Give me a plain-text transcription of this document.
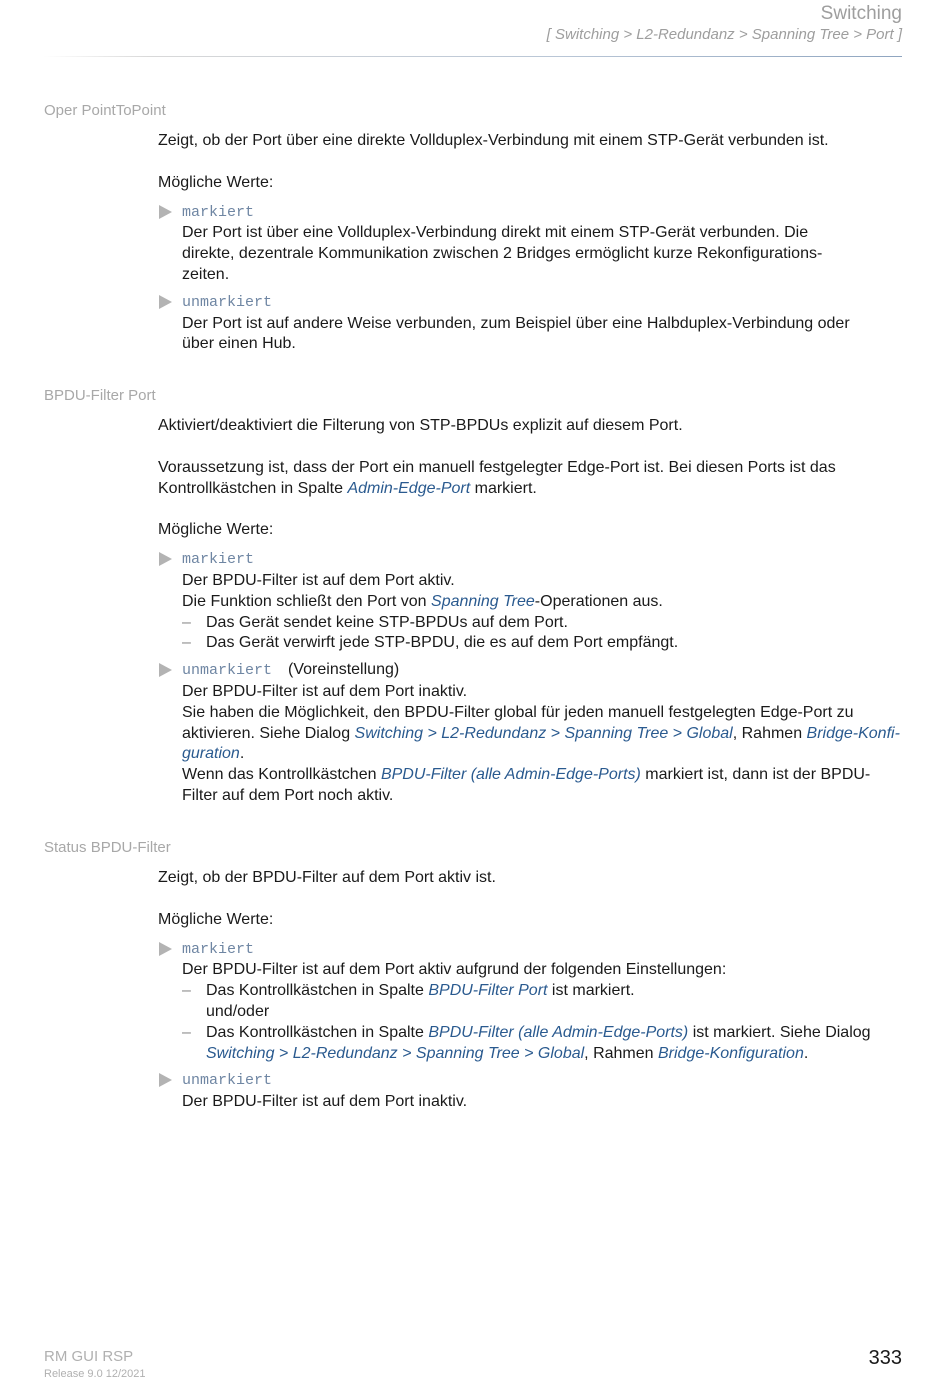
Switching
[ Switching > L2-Redundanz > Spanning Tree > Port ]
Oper PointToPoint

Zeigt, ob der Port über eine direkte Vollduplex-Verbindung mit einem STP-Gerät verbunden ist.

Mögliche Werte:

markiert
Der Port ist über eine Vollduplex-Verbindung direkt mit einem STP-Gerät verbunden. Die
direkte, dezentrale Kommunikation zwischen 2 Bridges ermöglicht kurze Rekonfigurations-
zeiten.
unmarkiert
Der Port ist auf andere Weise verbunden, zum Beispiel über eine Halbduplex-Verbindung oder
über einen Hub.
BPDU-Filter Port

Aktiviert/deaktiviert die Filterung von STP-BPDUs explizit auf diesem Port.

Voraussetzung ist, dass der Port ein manuell festgelegter Edge-Port ist. Bei diesen Ports ist das
Kontrollkästchen in Spalte Admin-Edge-Port markiert.

Mögliche Werte:

markiert
Der BPDU-Filter ist auf dem Port aktiv.
Die Funktion schließt den Port von Spanning Tree-Operationen aus.
– Das Gerät sendet keine STP-BPDUs auf dem Port.
– Das Gerät verwirft jede STP-BPDU, die es auf dem Port empfängt.
unmarkiert (Voreinstellung)
Der BPDU-Filter ist auf dem Port inaktiv.
Sie haben die Möglichkeit, den BPDU-Filter global für jeden manuell festgelegten Edge-Port zu
aktivieren. Siehe Dialog Switching > L2-Redundanz > Spanning Tree > Global, Rahmen Bridge-Konfi-
guration.
Wenn das Kontrollkästchen BPDU-Filter (alle Admin-Edge-Ports) markiert ist, dann ist der BPDU-
Filter auf dem Port noch aktiv.
Status BPDU-Filter

Zeigt, ob der BPDU-Filter auf dem Port aktiv ist.

Mögliche Werte:

markiert
Der BPDU-Filter ist auf dem Port aktiv aufgrund der folgenden Einstellungen:
– Das Kontrollkästchen in Spalte BPDU-Filter Port ist markiert.
und/oder
– Das Kontrollkästchen in Spalte BPDU-Filter (alle Admin-Edge-Ports) ist markiert. Siehe Dialog
Switching > L2-Redundanz > Spanning Tree > Global, Rahmen Bridge-Konfiguration.
unmarkiert
Der BPDU-Filter ist auf dem Port inaktiv.
RM GUI RSP
Release 9.0 12/2021
333
